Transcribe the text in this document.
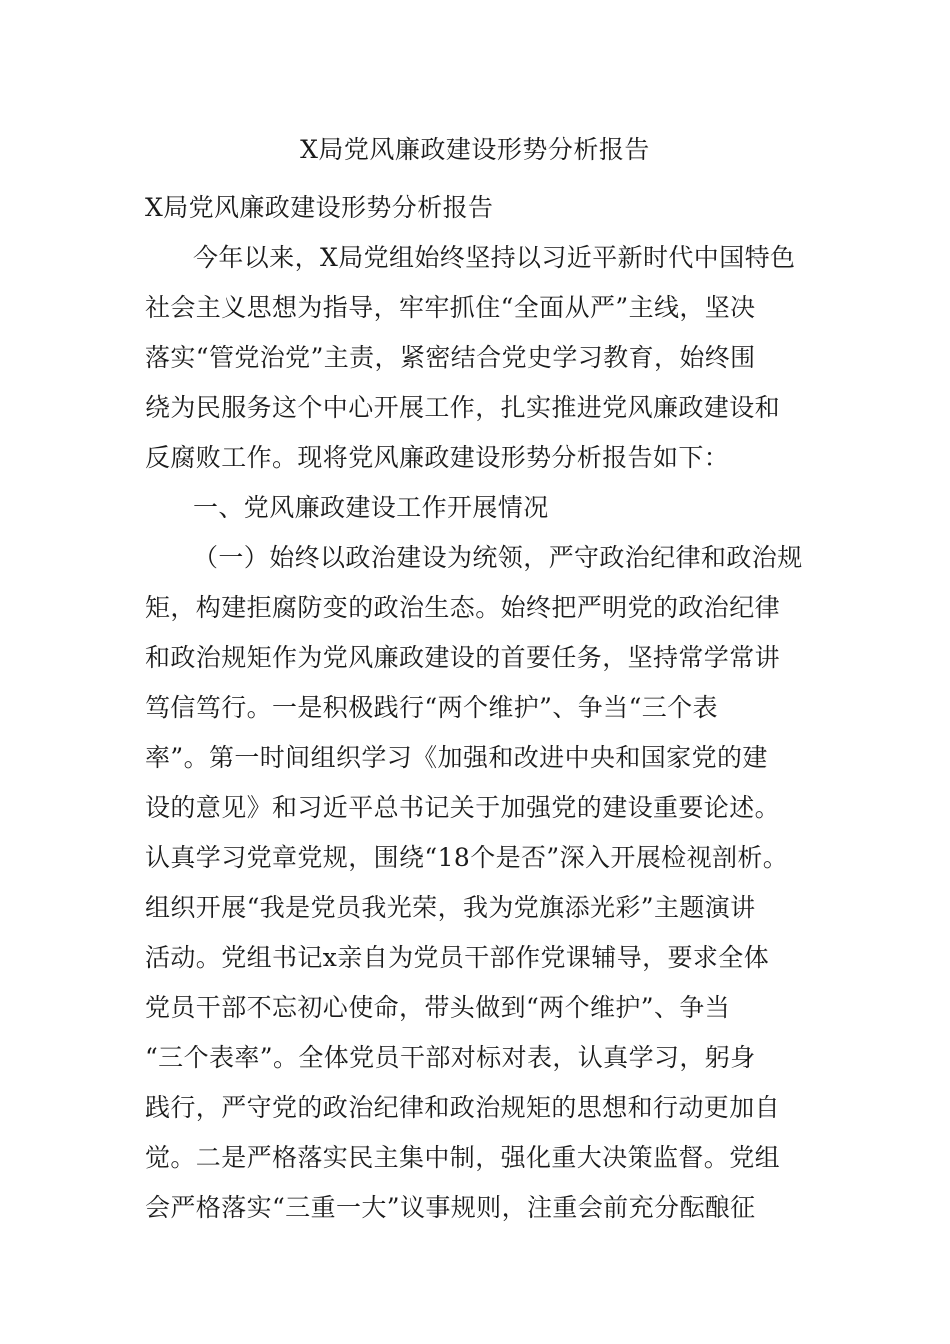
X局党风廉政建设形势分析报告
X局党风廉政建设形势分析报告
今年以来，X局党组始终坚持以习近平新时代中国特色
社会主义思想为指导，牢牢抓住“全面从严”主线，坚决
落实“管党治党”主责，紧密结合党史学习教育，始终围
绕为民服务这个中心开展工作，扎实推进党风廉政建设和
反腐败工作。现将党风廉政建设形势分析报告如下：
一、党风廉政建设工作开展情况
（一）始终以政治建设为统领，严守政治纪律和政治规
矩，构建拒腐防变的政治生态。始终把严明党的政治纪律
和政治规矩作为党风廉政建设的首要任务，坚持常学常讲
笃信笃行。一是积极践行“两个维护”、争当“三个表
率”。第一时间组织学习《加强和改进中央和国家党的建
设的意见》和习近平总书记关于加强党的建设重要论述。
认真学习党章党规，围绕“18个是否”深入开展检视剖析。
组织开展“我是党员我光荣，我为党旗添光彩”主题演讲
活动。党组书记x亲自为党员干部作党课辅导，要求全体
党员干部不忘初心使命，带头做到“两个维护”、争当
“三个表率”。全体党员干部对标对表，认真学习，躬身
践行，严守党的政治纪律和政治规矩的思想和行动更加自
觉。二是严格落实民主集中制，强化重大决策监督。党组
会严格落实“三重一大”议事规则，注重会前充分酝酿征
